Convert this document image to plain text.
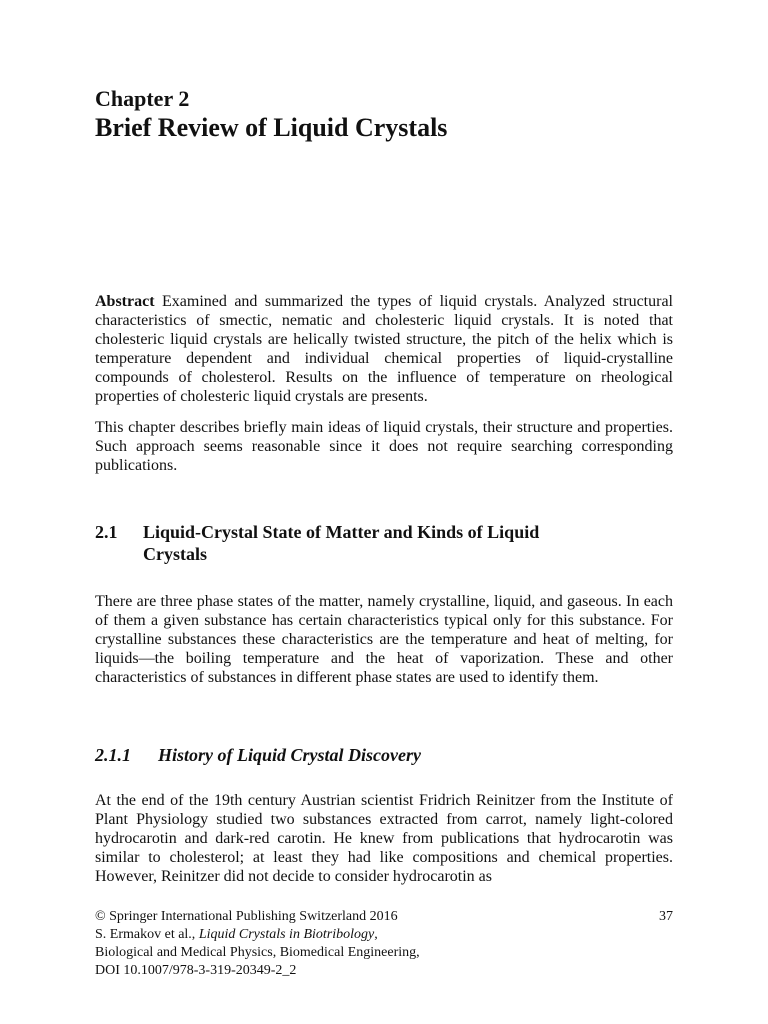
Chapter 2
Brief Review of Liquid Crystals

Abstract Examined and summarized the types of liquid crystals. Analyzed structural characteristics of smectic, nematic and cholesteric liquid crystals. It is noted that cholesteric liquid crystals are helically twisted structure, the pitch of the helix which is temperature dependent and individual chemical properties of liquid-crystalline compounds of cholesterol. Results on the influence of temperature on rheological properties of cholesteric liquid crystals are presents.

This chapter describes briefly main ideas of liquid crystals, their structure and properties. Such approach seems reasonable since it does not require searching corresponding publications.

2.1 Liquid-Crystal State of Matter and Kinds of Liquid Crystals

There are three phase states of the matter, namely crystalline, liquid, and gaseous. In each of them a given substance has certain characteristics typical only for this substance. For crystalline substances these characteristics are the temperature and heat of melting, for liquids—the boiling temperature and the heat of vaporization. These and other characteristics of substances in different phase states are used to identify them.

2.1.1 History of Liquid Crystal Discovery

At the end of the 19th century Austrian scientist Fridrich Reinitzer from the Institute of Plant Physiology studied two substances extracted from carrot, namely light-colored hydrocarotin and dark-red carotin. He knew from publications that hydrocarotin was similar to cholesterol; at least they had like compositions and chemical properties. However, Reinitzer did not decide to consider hydrocarotin as

© Springer International Publishing Switzerland 2016	37
S. Ermakov et al., Liquid Crystals in Biotribology,
Biological and Medical Physics, Biomedical Engineering,
DOI 10.1007/978-3-319-20349-2_2
